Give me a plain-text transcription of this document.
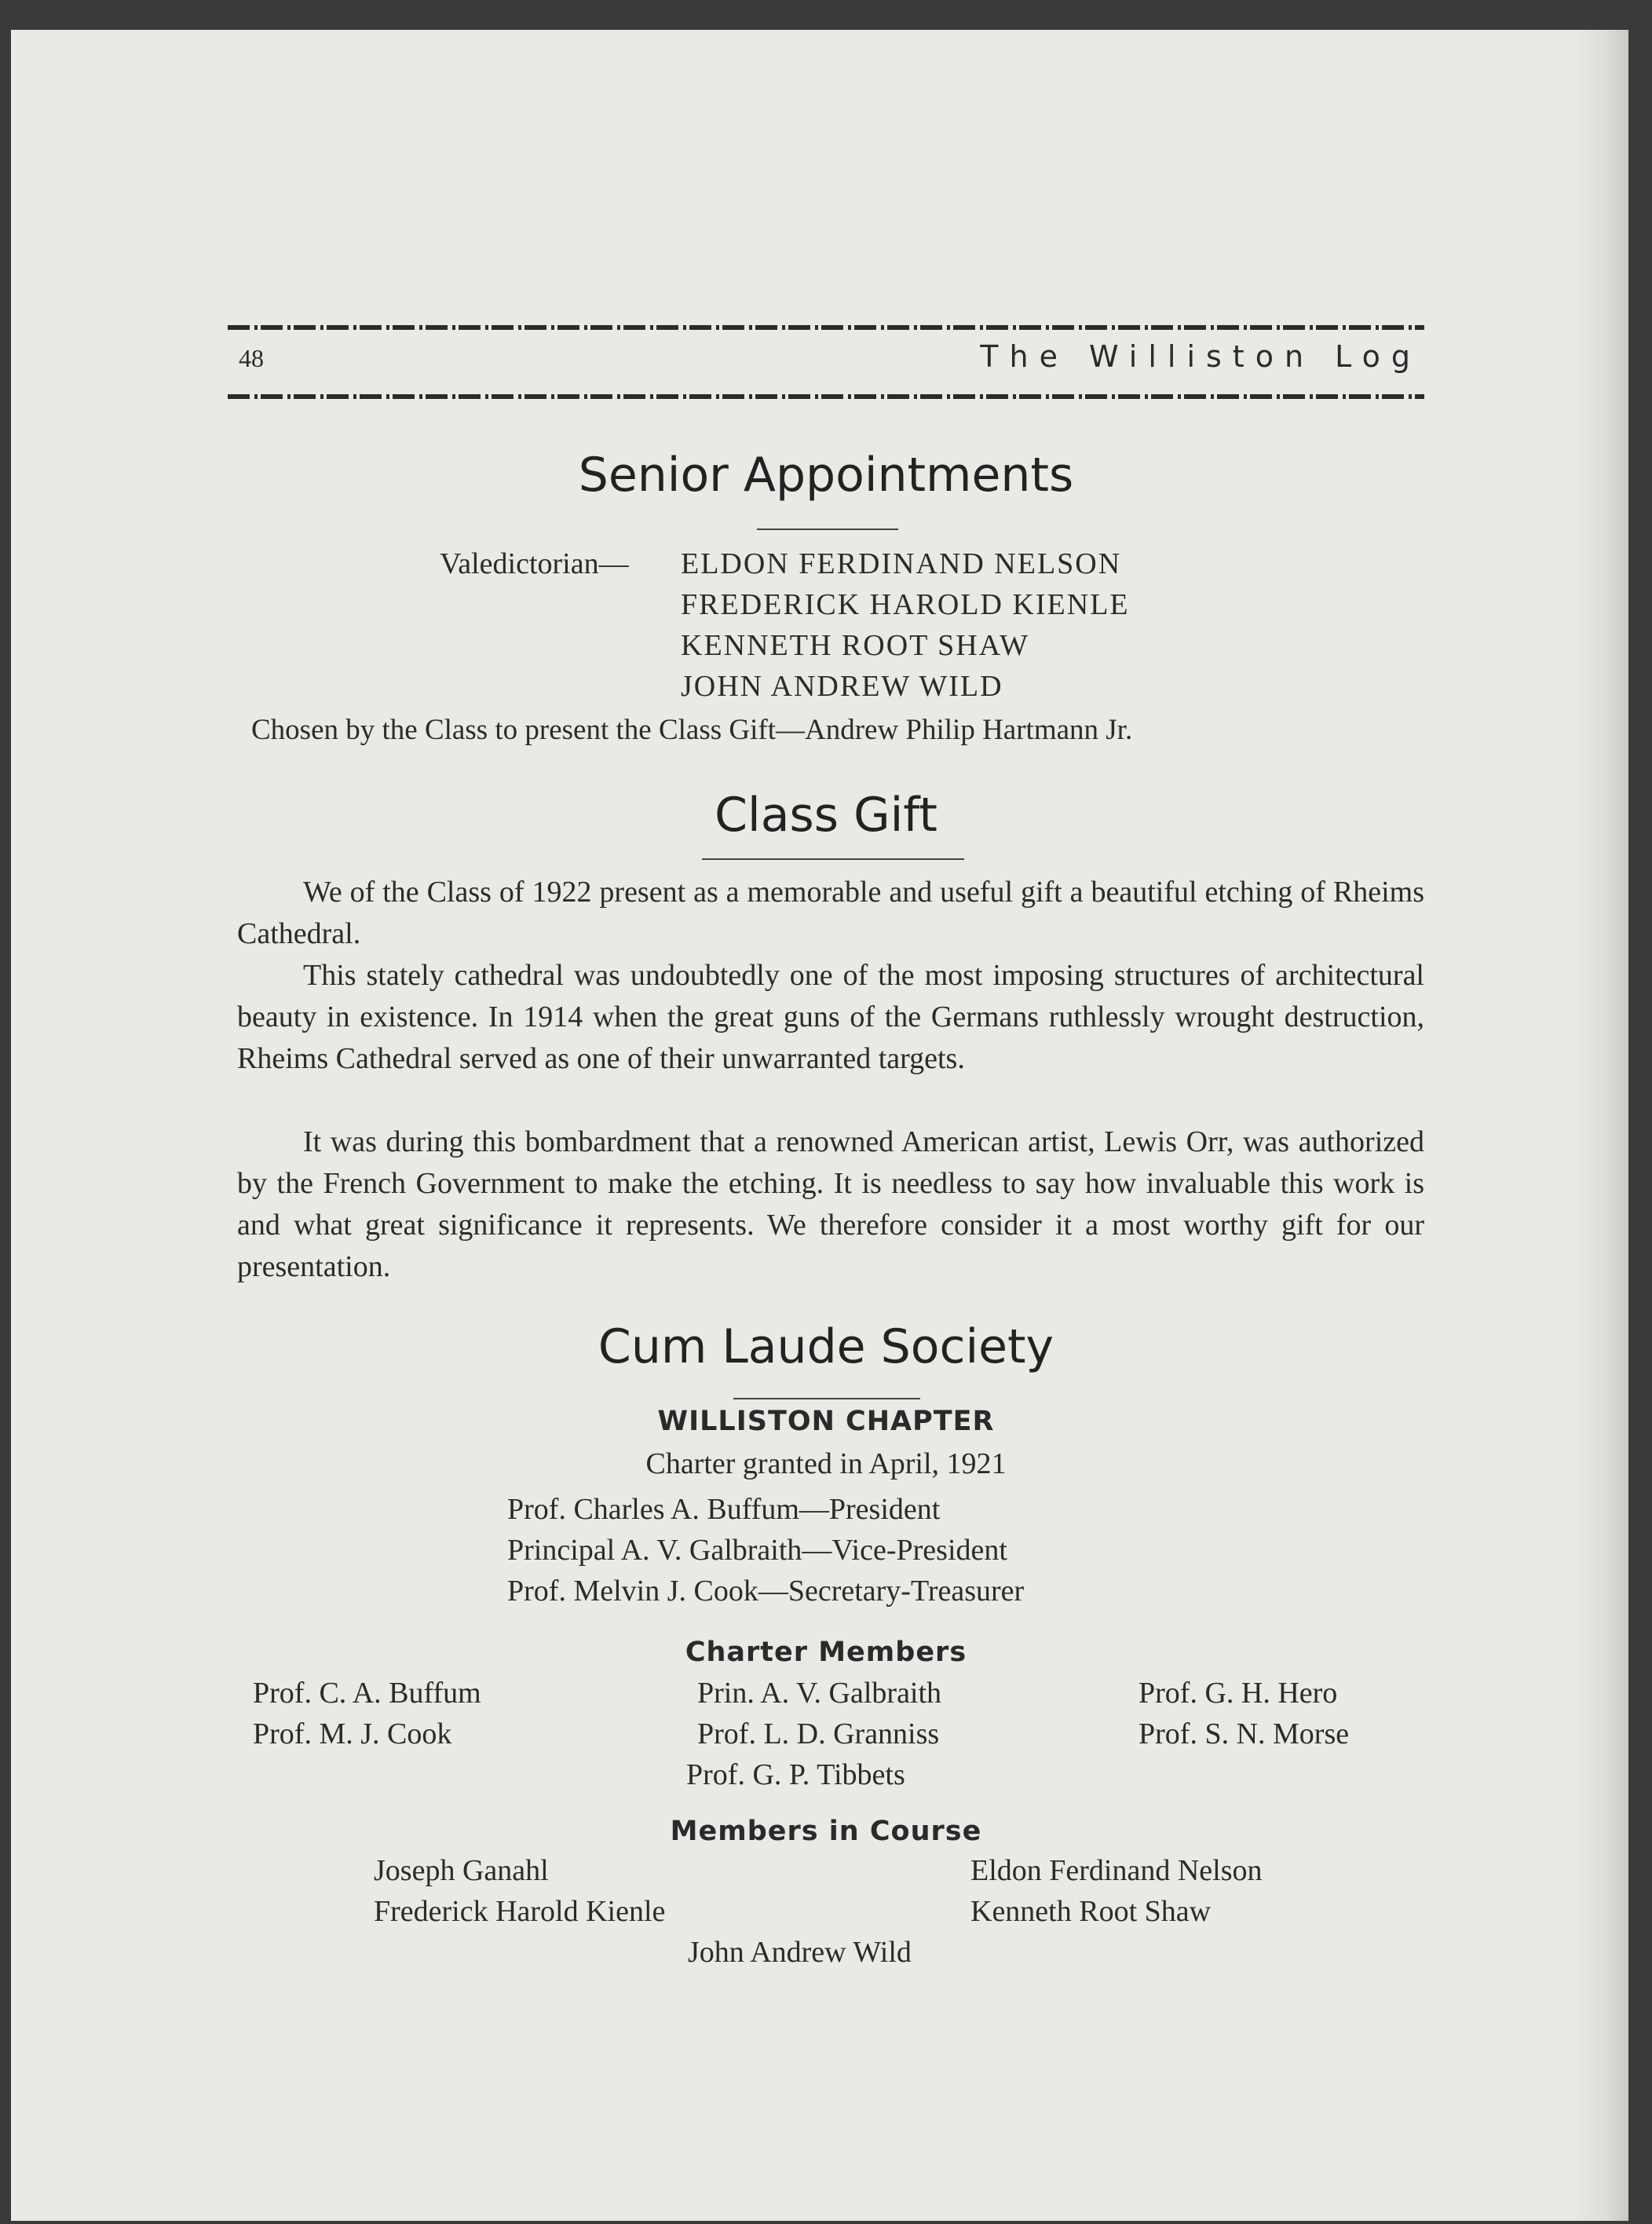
48	The Williston Log
Senior Appointments
Valedictorian— ELDON FERDINAND NELSON
FREDERICK HAROLD KIENLE
KENNETH ROOT SHAW
JOHN ANDREW WILD
Chosen by the Class to present the Class Gift—Andrew Philip Hartmann Jr.
Class Gift

We of the Class of 1922 present as a memorable and useful gift a beautiful etching of Rheims Cathedral.

This stately cathedral was undoubtedly one of the most imposing structures of architectural beauty in existence. In 1914 when the great guns of the Germans ruthlessly wrought destruction, Rheims Cathedral served as one of their unwarranted targets.

It was during this bombardment that a renowned American artist, Lewis Orr, was authorized by the French Government to make the etching. It is needless to say how invaluable this work is and what great significance it represents. We therefore consider it a most worthy gift for our presentation.

Cum Laude Society
WILLISTON CHAPTER
Charter granted in April, 1921
Prof. Charles A. Buffum—President
Principal A. V. Galbraith—Vice-President
Prof. Melvin J. Cook—Secretary-Treasurer
Charter Members
Prof. C. A. Buffum	Prin. A. V. Galbraith	Prof. G. H. Hero
Prof. M. J. Cook	Prof. L. D. Granniss	Prof. S. N. Morse
Prof. G. P. Tibbets
Members in Course
Joseph Ganahl	Eldon Ferdinand Nelson
Frederick Harold Kienle	Kenneth Root Shaw
John Andrew Wild
